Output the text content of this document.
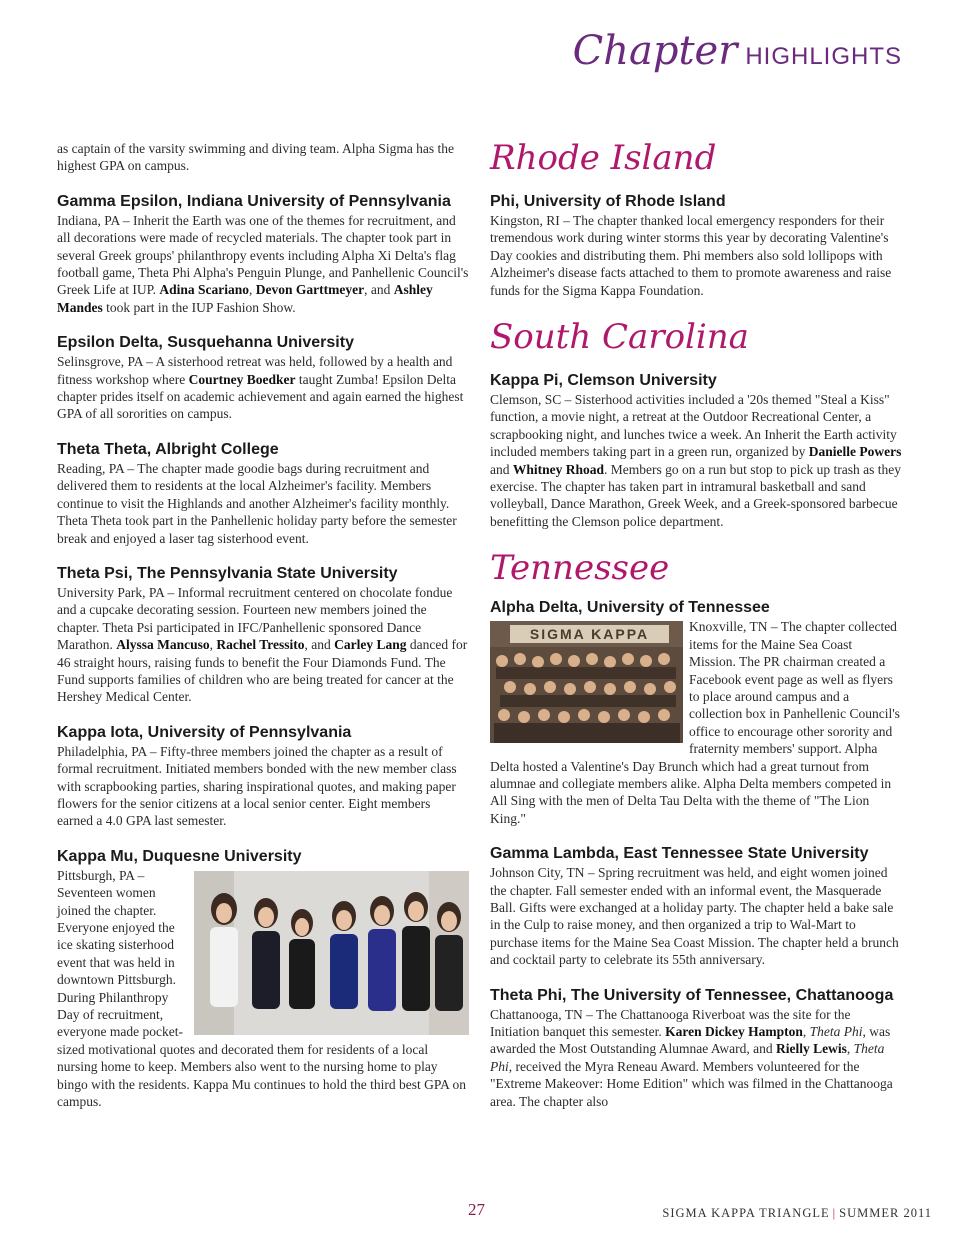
Chapter HIGHLIGHTS

as captain of the varsity swimming and diving team. Alpha Sigma has the highest GPA on campus.

Gamma Epsilon, Indiana University of Pennsylvania

Indiana, PA – Inherit the Earth was one of the themes for recruitment, and all decorations were made of recycled materials. The chapter took part in several Greek groups' philanthropy events including Alpha Xi Delta's flag football game, Theta Phi Alpha's Penguin Plunge, and Panhellenic Council's Greek Life at IUP. Adina Scariano, Devon Garttmeyer, and Ashley Mandes took part in the IUP Fashion Show.

Epsilon Delta, Susquehanna University

Selinsgrove, PA – A sisterhood retreat was held, followed by a health and fitness workshop where Courtney Boedker taught Zumba! Epsilon Delta chapter prides itself on academic achievement and again earned the highest GPA of all sororities on campus.

Theta Theta, Albright College

Reading, PA – The chapter made goodie bags during recruitment and delivered them to residents at the local Alzheimer's facility. Members continue to visit the Highlands and another Alzheimer's facility monthly. Theta Theta took part in the Panhellenic holiday party before the semester break and enjoyed a laser tag sisterhood event.

Theta Psi, The Pennsylvania State University

University Park, PA – Informal recruitment centered on chocolate fondue and a cupcake decorating session. Fourteen new members joined the chapter. Theta Psi participated in IFC/Panhellenic sponsored Dance Marathon. Alyssa Mancuso, Rachel Tressito, and Carley Lang danced for 46 straight hours, raising funds to benefit the Four Diamonds Fund. The Fund supports families of children who are being treated for cancer at the Hershey Medical Center.

Kappa Iota, University of Pennsylvania

Philadelphia, PA – Fifty-three members joined the chapter as a result of formal recruitment. Initiated members bonded with the new member class with scrapbooking parties, sharing inspirational quotes, and making paper flowers for the senior citizens at a local senior center. Eight members earned a 4.0 GPA last semester.

Kappa Mu, Duquesne University

Pittsburgh, PA – Seventeen women joined the chapter. Everyone enjoyed the ice skating sisterhood event that was held in downtown Pittsburgh. During Philanthropy Day of recruitment, everyone made pocket-sized motivational quotes and decorated them for residents of a local nursing home to keep. Members also went to the nursing home to play bingo with the residents. Kappa Mu continues to hold the third best GPA on campus.

Rhode Island

Phi, University of Rhode Island

Kingston, RI – The chapter thanked local emergency responders for their tremendous work during winter storms this year by decorating Valentine's Day cookies and distributing them. Phi members also sold lollipops with Alzheimer's disease facts attached to them to promote awareness and raise funds for the Sigma Kappa Foundation.

South Carolina

Kappa Pi, Clemson University

Clemson, SC – Sisterhood activities included a '20s themed "Steal a Kiss" function, a movie night, a retreat at the Outdoor Recreational Center, a scrapbooking night, and lunches twice a week. An Inherit the Earth activity included members taking part in a green run, organized by Danielle Powers and Whitney Rhoad. Members go on a run but stop to pick up trash as they exercise. The chapter has taken part in intramural basketball and sand volleyball, Dance Marathon, Greek Week, and a Greek-sponsored barbecue benefitting the Clemson police department.

Tennessee

Alpha Delta, University of Tennessee

SIGMA KAPPA	Knoxville, TN – The chapter collected items for the Maine Sea Coast Mission. The PR chairman created a Facebook event page as well as flyers to place around campus and a collection box in Panhellenic Council's office to encourage other sorority and fraternity members' support. Alpha Delta hosted a Valentine's Day Brunch which had a great turnout from alumnae and collegiate members alike. Alpha Delta members competed in All Sing with the men of Delta Tau Delta with the theme of "The Lion King."

Gamma Lambda, East Tennessee State University

Johnson City, TN – Spring recruitment was held, and eight women joined the chapter. Fall semester ended with an informal event, the Masquerade Ball. Gifts were exchanged at a holiday party. The chapter held a bake sale in the Culp to raise money, and then organized a trip to Wal-Mart to purchase items for the Maine Sea Coast Mission. The chapter held a brunch and cocktail party to celebrate its 55th anniversary.

Theta Phi, The University of Tennessee, Chattanooga

Chattanooga, TN – The Chattanooga Riverboat was the site for the Initiation banquet this semester. Karen Dickey Hampton, Theta Phi, was awarded the Most Outstanding Alumnae Award, and Rielly Lewis, Theta Phi, received the Myra Reneau Award. Members volunteered for the "Extreme Makeover: Home Edition" which was filmed in the Chattanooga area. The chapter also

27	SIGMA KAPPA TRIANGLE | SUMMER 2011
